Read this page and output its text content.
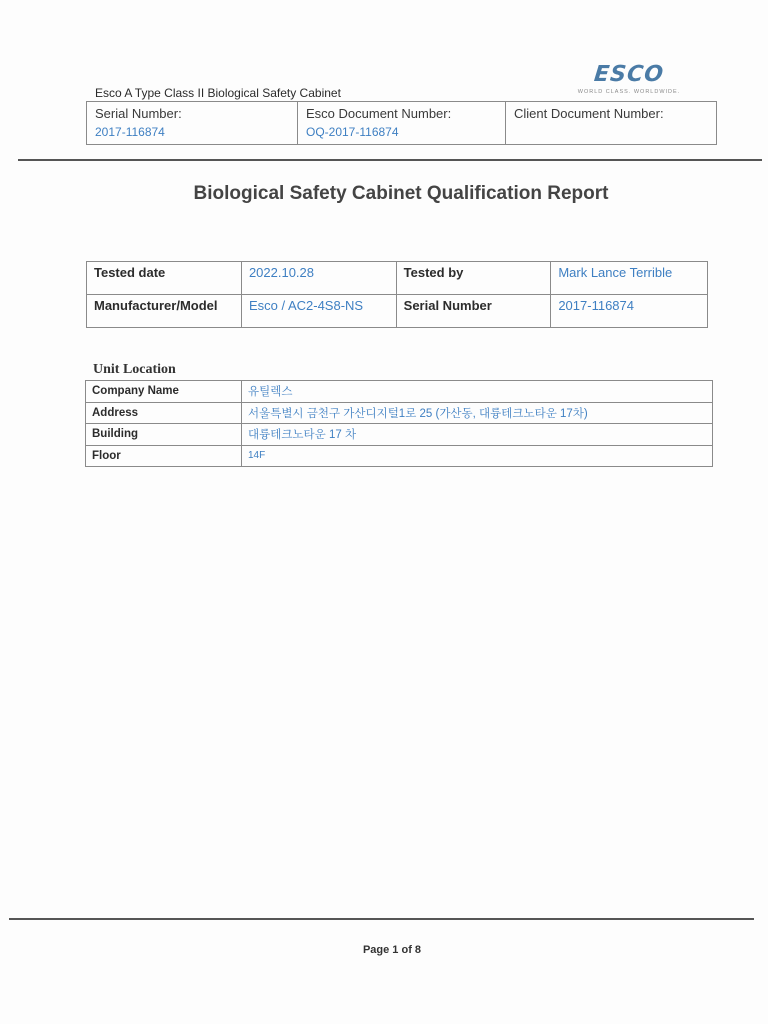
Esco A Type Class II Biological Safety Cabinet
ESCO
WORLD CLASS. WORLDWIDE.
Serial Number:
2017-116874
Esco Document Number:
OQ-2017-116874
Client Document Number:
Biological Safety Cabinet Qualification Report
Tested date	2022.10.28	Tested by	Mark Lance Terrible
Manufacturer/Model	Esco / AC2-4S8-NS	Serial Number	2017-116874
Unit Location
Company Name	유틸렉스
Address	서울특별시 금천구 가산디지털1로 25 (가산동, 대륭테크노타운 17차)
Building	대륭테크노타운 17 차
Floor	14F
Page 1 of 8
